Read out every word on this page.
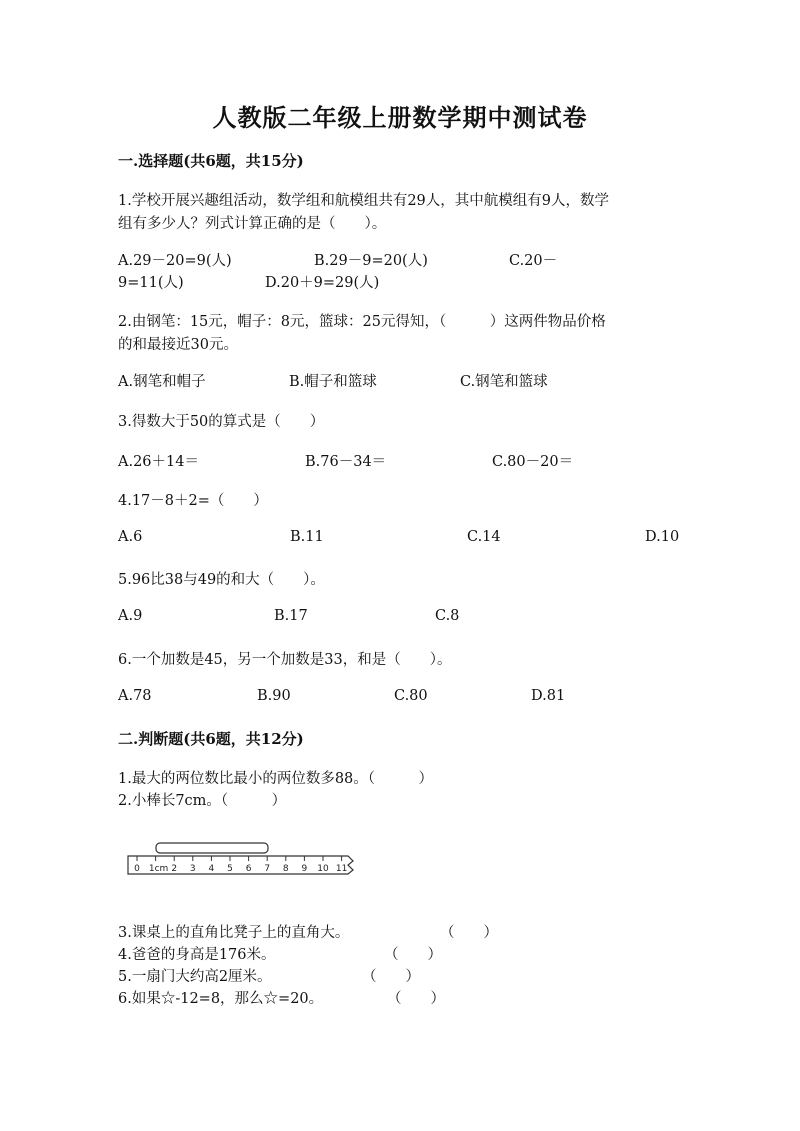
人教版二年级上册数学期中测试卷
一.选择题(共6题，共15分)
1.学校开展兴趣组活动，数学组和航模组共有29人，其中航模组有9人，数学
组有多少人？列式计算正确的是（　　）。
A.29－20=9(人)	B.29－9=20(人)	C.20－
9=11(人)	D.20＋9=29(人)
2.由钢笔：15元，帽子：8元，篮球：25元得知，（　　　）这两件物品价格
的和最接近30元。
A.钢笔和帽子	B.帽子和篮球	C.钢笔和篮球
3.得数大于50的算式是（　　）
A.26＋14＝	B.76－34＝	C.80－20＝
4.17－8＋2=（　　）
A.6	B.11	C.14	D.10
5.96比38与49的和大（　　）。
A.9	B.17	C.8
6.一个加数是45，另一个加数是33，和是（　　）。
A.78	B.90	C.80	D.81
二.判断题(共6题，共12分)
1.最大的两位数比最小的两位数多88。（　　　）
2.小棒长7cm。（　　　）
0 1cm 2 3 4 5 6 7 8 9 10 11
3.课桌上的直角比凳子上的直角大。	（　　）
4.爸爸的身高是176米。	（　　）
5.一扇门大约高2厘米。	（　　）
6.如果☆-12=8，那么☆=20。	（　　）
